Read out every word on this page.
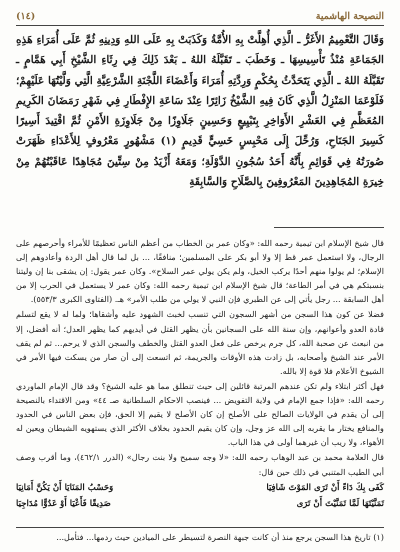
النصيحة الهاشمية
(١٤)

وَقَالَ التَّعْمِيمُ الأَغَرُّ ـ الَّذِي أُهِلَّتْ بِهِ الأُمَّةُ وَكَذَبَتْ بِهِ عَلَى اللهِ وَدِينِهِ ثُمَّ عَلَى أُمَرَاءِ هَذِهِ الجَمَاعَةِ مُنْذُ تَأْسِيسِهَا ـ وَخَطَبَ ـ تَقَبَّلَهُ اللهُ ـ بَعْدَ ذَلِكَ فِي رِثَاءِ الشَّيْخِ أَبِي هَمَّامٍ ـ تَقَبَّلَهُ اللهُ ـ الَّذِي يَتَحَدَّثُ بِحُكْمٍ وَرِدَّتِهِ أُمَرَاءَ وَأَعْضَاءَ اللَّجْنَةِ الشَّرْعِيَّةِ الَّتِي وَلَّيْتُهَا عَلَيْهِمْ؛ فَلَوْعَمَا المَنْزِلُ الَّذِي كَانَ فِيهِ الشَّيْخُ زَائِرًا عِنْدَ سَاعَةِ الإِفْطَارِ فِي شَهْرِ رَمَضَانَ الكَرِيمِ المُعَظَّمِ فِي العَشْرِ الأَوَاخِرِ بِتَبْيِيعٍ وَحَسِينٍ جَلَاوِزًا مِنْ جَلَاوِزَةِ الأَمْنِ ثُمَّ اقْتِيدَ أَسِيرًا كَسِيرَ الجَنَاحِ، وَرُحِّلَ إِلَى مَحْبِسٍ خَسِيٍّ قَدِيمٍ (١) مَشْهُورٍ مَعْرُوفٍ لِلأَعْدَاءِ ظَهَرَتْ صُورَتُهُ فِي قَوَائِمِ بِأَنَّهُ أَحَدُ سُجُونِ الدَّوْلَةِ؛ وَمَعَهُ أَزْيَدُ مِنْ سِتِّينَ مُجَاهِدًا عَاقَبْتُهُمْ مِنْ خِيرَةِ المُجَاهِدِينَ المَعْرُوفِينَ بِالصَّلَاحِ وَالسَّابِقَةِ

قال شيخ الإسلام ابن تيمية رحمه الله: «وكان عمر بن الخطاب من أعظم الناس تعظيمًا للأمراء وأحرصهم على الرجال، ولا استعمل عمر قط إلا ولا أبو بكر على المسلمين؛ منافقًا، ... بل لما قال أهل الردة وأعادوهم إلى الإسلام؛ لم يولوا منهم أحدًا يركب الخيل، ولم يكن يولي عمر السلاح». وكان عمر يقول: إن يشقى بنا إن وليتنا بنسبتكم هي في أمر الطاعة؛ قال شيخ الإسلام ابن تيمية رحمه الله: وكان عمر لا يستعمل في الحرب إلا من أهل السابقة ... رجل يأتي إلى عن الطبري فإن النبي لا يولي من طلب الأمر» هـ. (الفتاوى الكبرى ٥٥٣/٣).

فضلا عن كون هذا السجن من أشهر السجون التي تنسب لخبث الشهود عليه وأشقاها؛ ولما له لا يقع لتسلم قادة العدو وأعوانهم، وإن سنة الله على السجانين بأن يظهر القتل في أيديهم كما يظهر العدل؛ أنه أفضل، إلا من انبعث عن صحبة الله، كل جرم يرخص على فعل العدو القتل والخطف والسجن الذي لا يرحم... ثم لم يقف الأمر عند الشيخ وأصحابه، بل زادت هذه الأوقات والجريمة، ثم اتسعت إلى أن صار من يسكت فيها الأمر في الشيوخ الأعلام فلا قوة إلا بالله.

فهل أكثر ابتلاء ولم تكن عندهم المرتبة قائلين إلى حيث تنطلق مما هو عليه الشيخ؟ وقد قال الإمام الماوردي رحمه الله: «فإذا جمع الإمام في ولاية التفويض ... فينصب الاحكام السلطانية صـ ٤٤» ومن الاقتداء بالنصيحة إلى أن يقدم في الولايات الصالح على الأصلح إن كان الأصلح لا يقيم إلا الحق، فإن بعض الناس في الحدود والمنافع يختار ما يقربه إلى الله عز وجل، وإن كان يقيم الحدود بخلاف الأكثر الذي يستهويه الشيطان ويعين له الأهواء، ولا ريب أن غيرهما أولى في هذا الباب.

قال العلامة محمد بن عبد الوهاب رحمه الله: «لا وجه سميح ولا بنت رجال» (الدرر ٤٦٢/١)، وما أقرب وصف أبي الطيب المتنبي في ذلك حين قال:

كَفَى بِكَ دَاءً أَنْ تَرَى المَوْتَ شَافِيَا
وَحَسْبُ المَنَايَا أَنْ يَكُنَّ أَمَانِيَا
تَمَنَّيْتَهَا لَمَّا تَمَنَّيْتَ أَنْ تَرَى
صَدِيقًا فَأَعْيَا أَوْ عَدُوًّا مُدَاجِيَا
(١) تاريخ هذا السجن يرجع منذ أن كانت جبهة النصرة لتسيطر على الميادين حيث ردمها... فتأمل...
